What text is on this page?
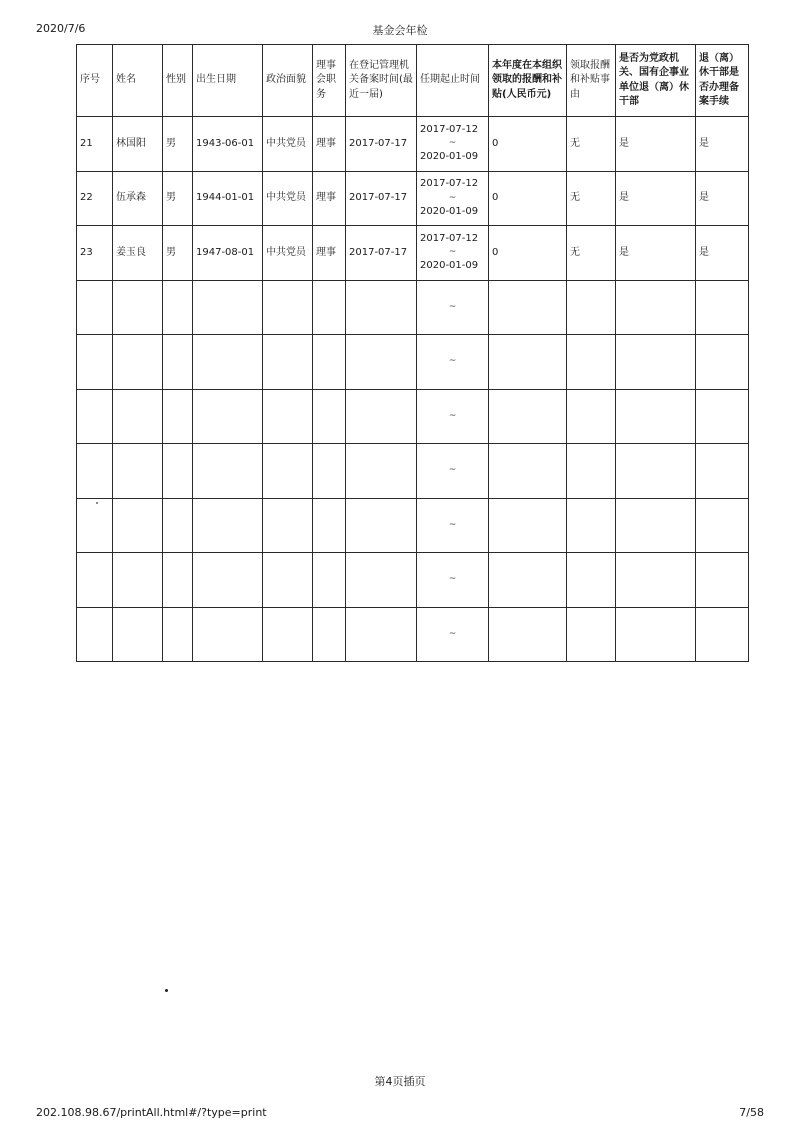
2020/7/6	基金会年检
序号	姓名	性别	出生日期	政治面貌	理事会职务	在登记管理机关备案时间(最近一届)	任期起止时间	本年度在本组织领取的报酬和补贴(人民币元)	领取报酬和补贴事由	是否为党政机关、国有企事业单位退（离）休干部	退（离）休干部是否办理备案手续
21	林国阳	男	1943-06-01	中共党员	理事	2017-07-17	2017-07-12
~
2020-01-09	0	无	是	是
22	伍承森	男	1944-01-01	中共党员	理事	2017-07-17	2017-07-12
~
2020-01-09	0	无	是	是
23	姜玉良	男	1947-08-01	中共党员	理事	2017-07-17	2017-07-12
~
2020-01-09	0	无	是	是

							~				

							~				

							~				

							~				

							~				

							~				

							~				

第4页插页
202.108.98.67/printAll.html#/?type=print	7/58
